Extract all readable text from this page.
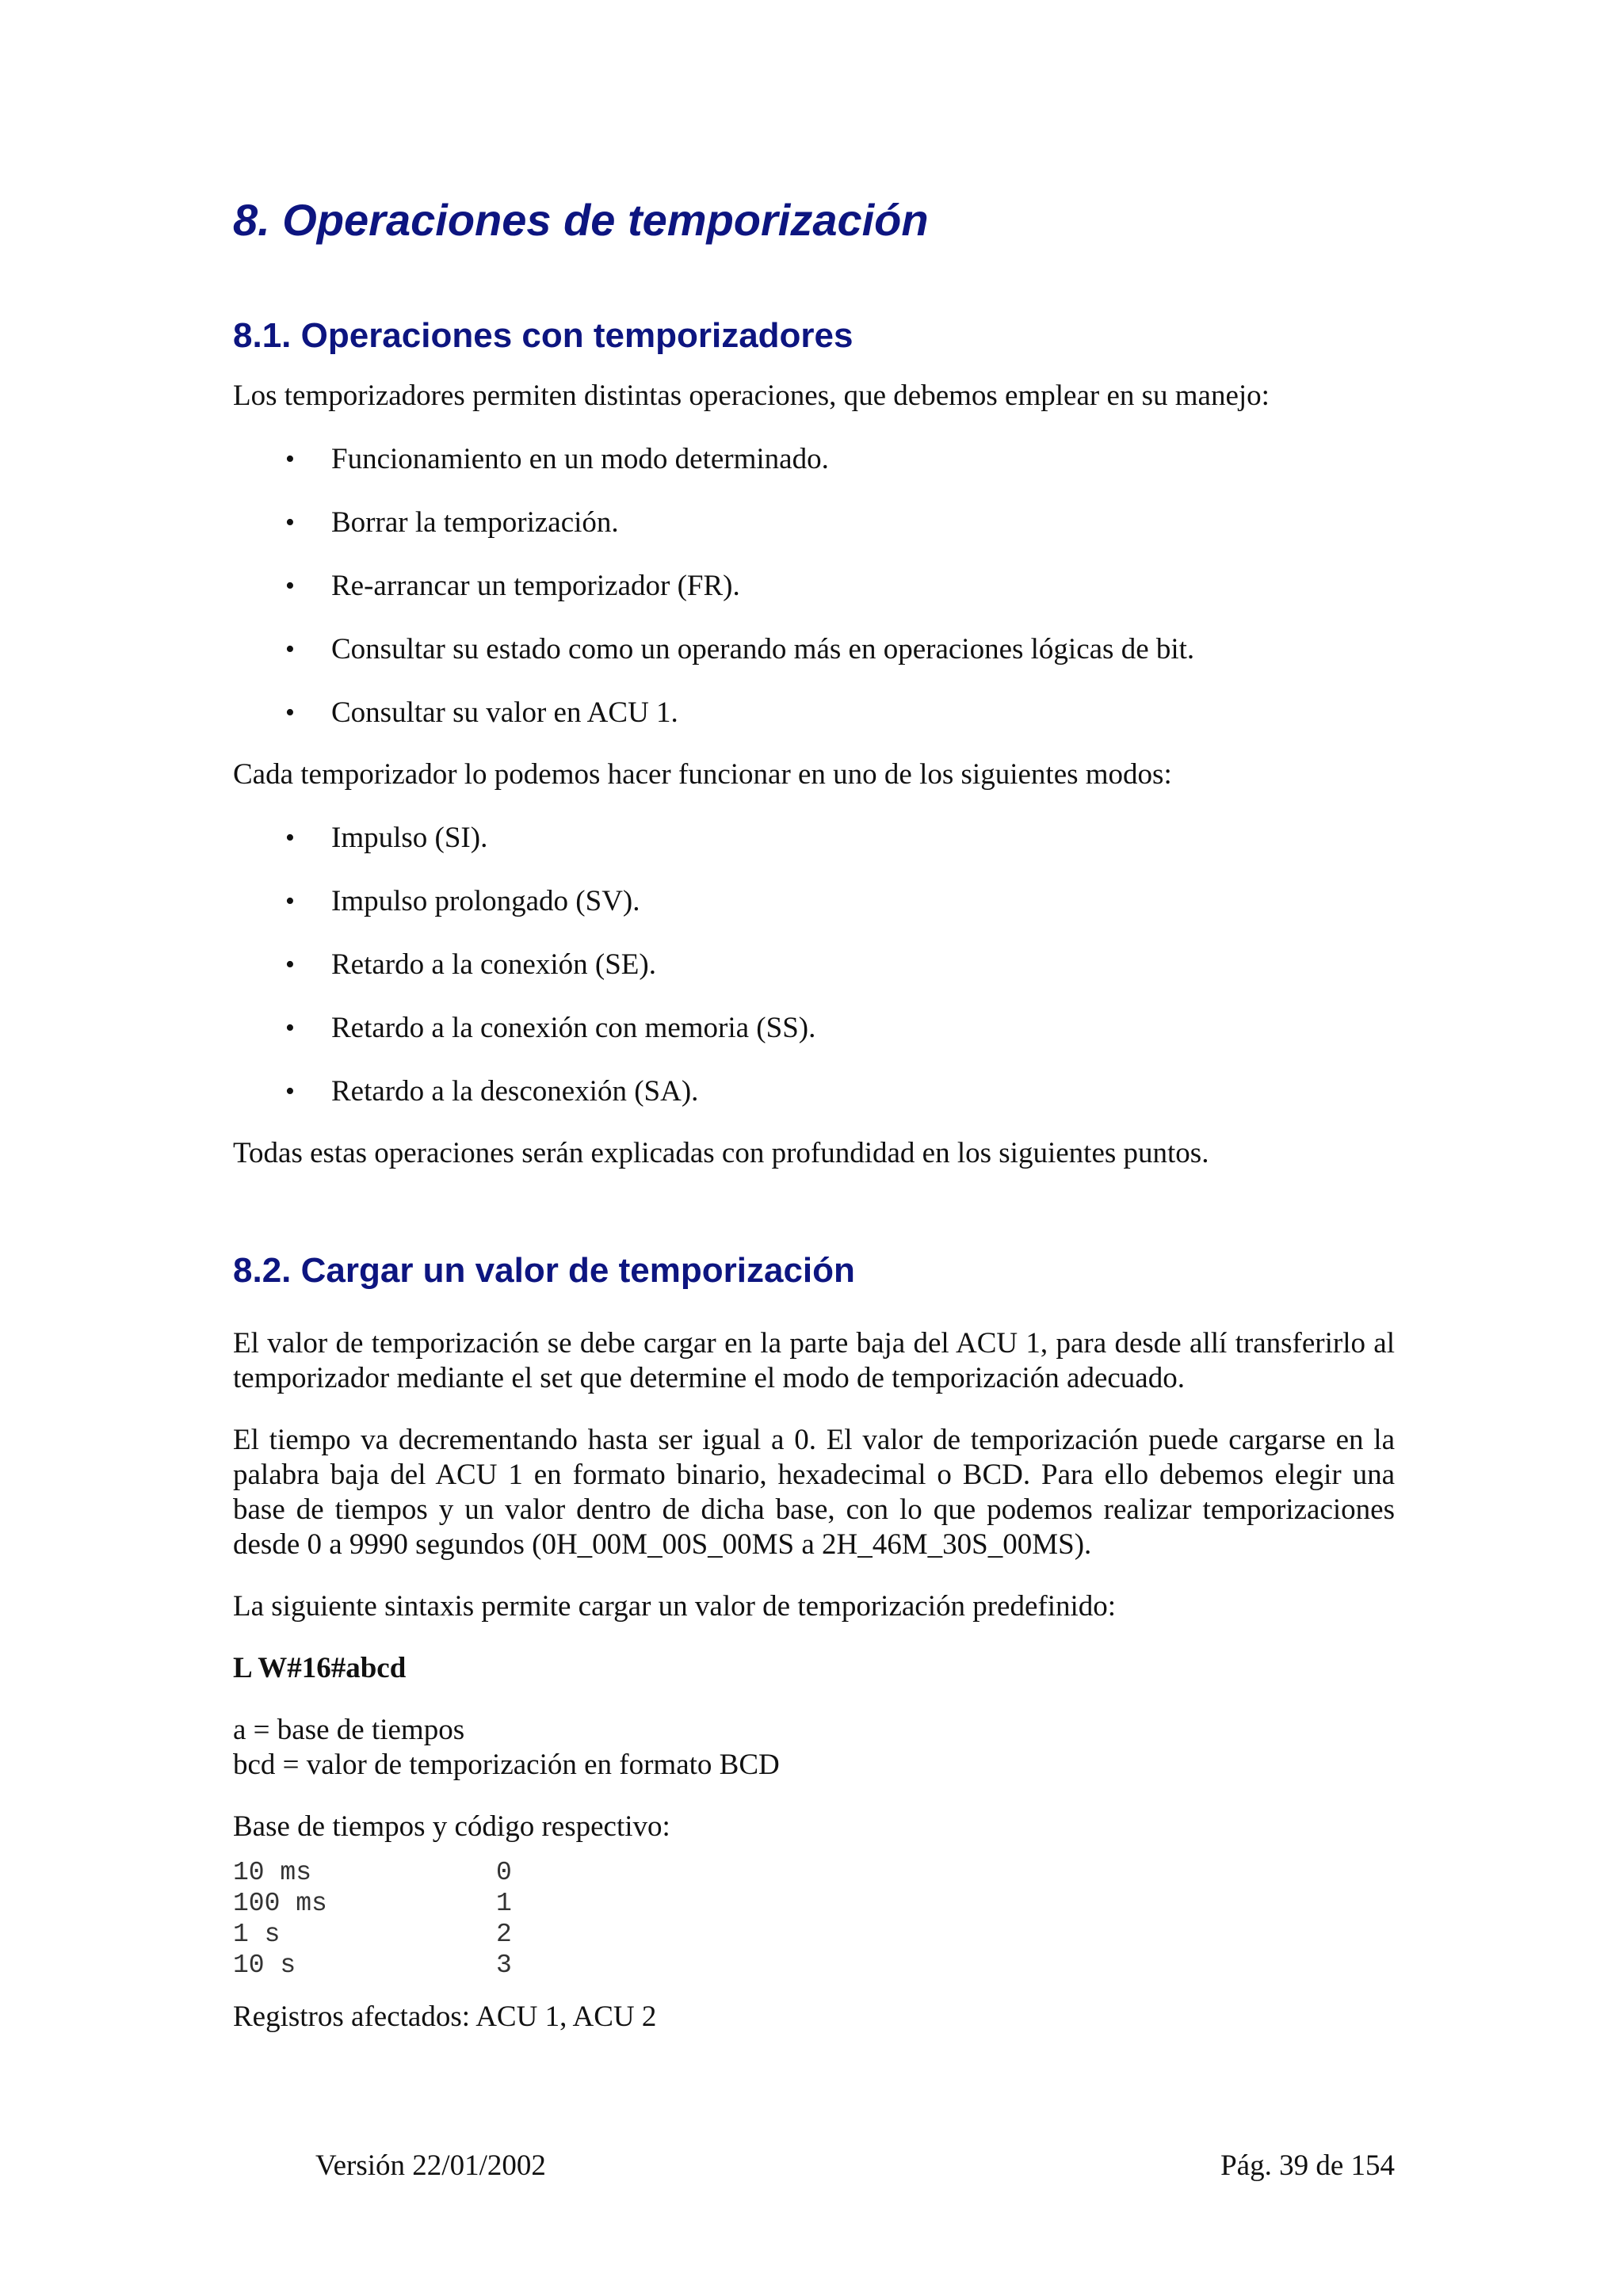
8. Operaciones de temporización
8.1. Operaciones con temporizadores

Los temporizadores permiten distintas operaciones, que debemos emplear en su manejo:

• Funcionamiento en un modo determinado.
• Borrar la temporización.
• Re-arrancar un temporizador (FR).
• Consultar su estado como un operando más en operaciones lógicas de bit.
• Consultar su valor en ACU 1.

Cada temporizador lo podemos hacer funcionar en uno de los siguientes modos:

• Impulso (SI).
• Impulso prolongado (SV).
• Retardo a la conexión (SE).
• Retardo a la conexión con memoria (SS).
• Retardo a la desconexión (SA).

Todas estas operaciones serán explicadas con profundidad en los siguientes puntos.

8.2. Cargar un valor de temporización

El valor de temporización se debe cargar en la parte baja del ACU 1, para desde allí transferirlo al temporizador mediante el set que determine el modo de temporización adecuado.

El tiempo va decrementando hasta ser igual a 0. El valor de temporización puede cargarse en la palabra baja del ACU 1 en formato binario, hexadecimal o BCD. Para ello debemos elegir una base de tiempos y un valor dentro de dicha base, con lo que podemos realizar temporizaciones desde 0 a 9990 segundos (0H_00M_00S_00MS a 2H_46M_30S_00MS).

La siguiente sintaxis permite cargar un valor de temporización predefinido:

L W#16#abcd

a = base de tiempos

bcd = valor de temporización en formato BCD

Base de tiempos y código respectivo:

10 ms	0
100 ms	1
1 s	2
10 s	3

Registros afectados: ACU 1, ACU 2

Versión 22/01/2002	Pág. 39 de 154
